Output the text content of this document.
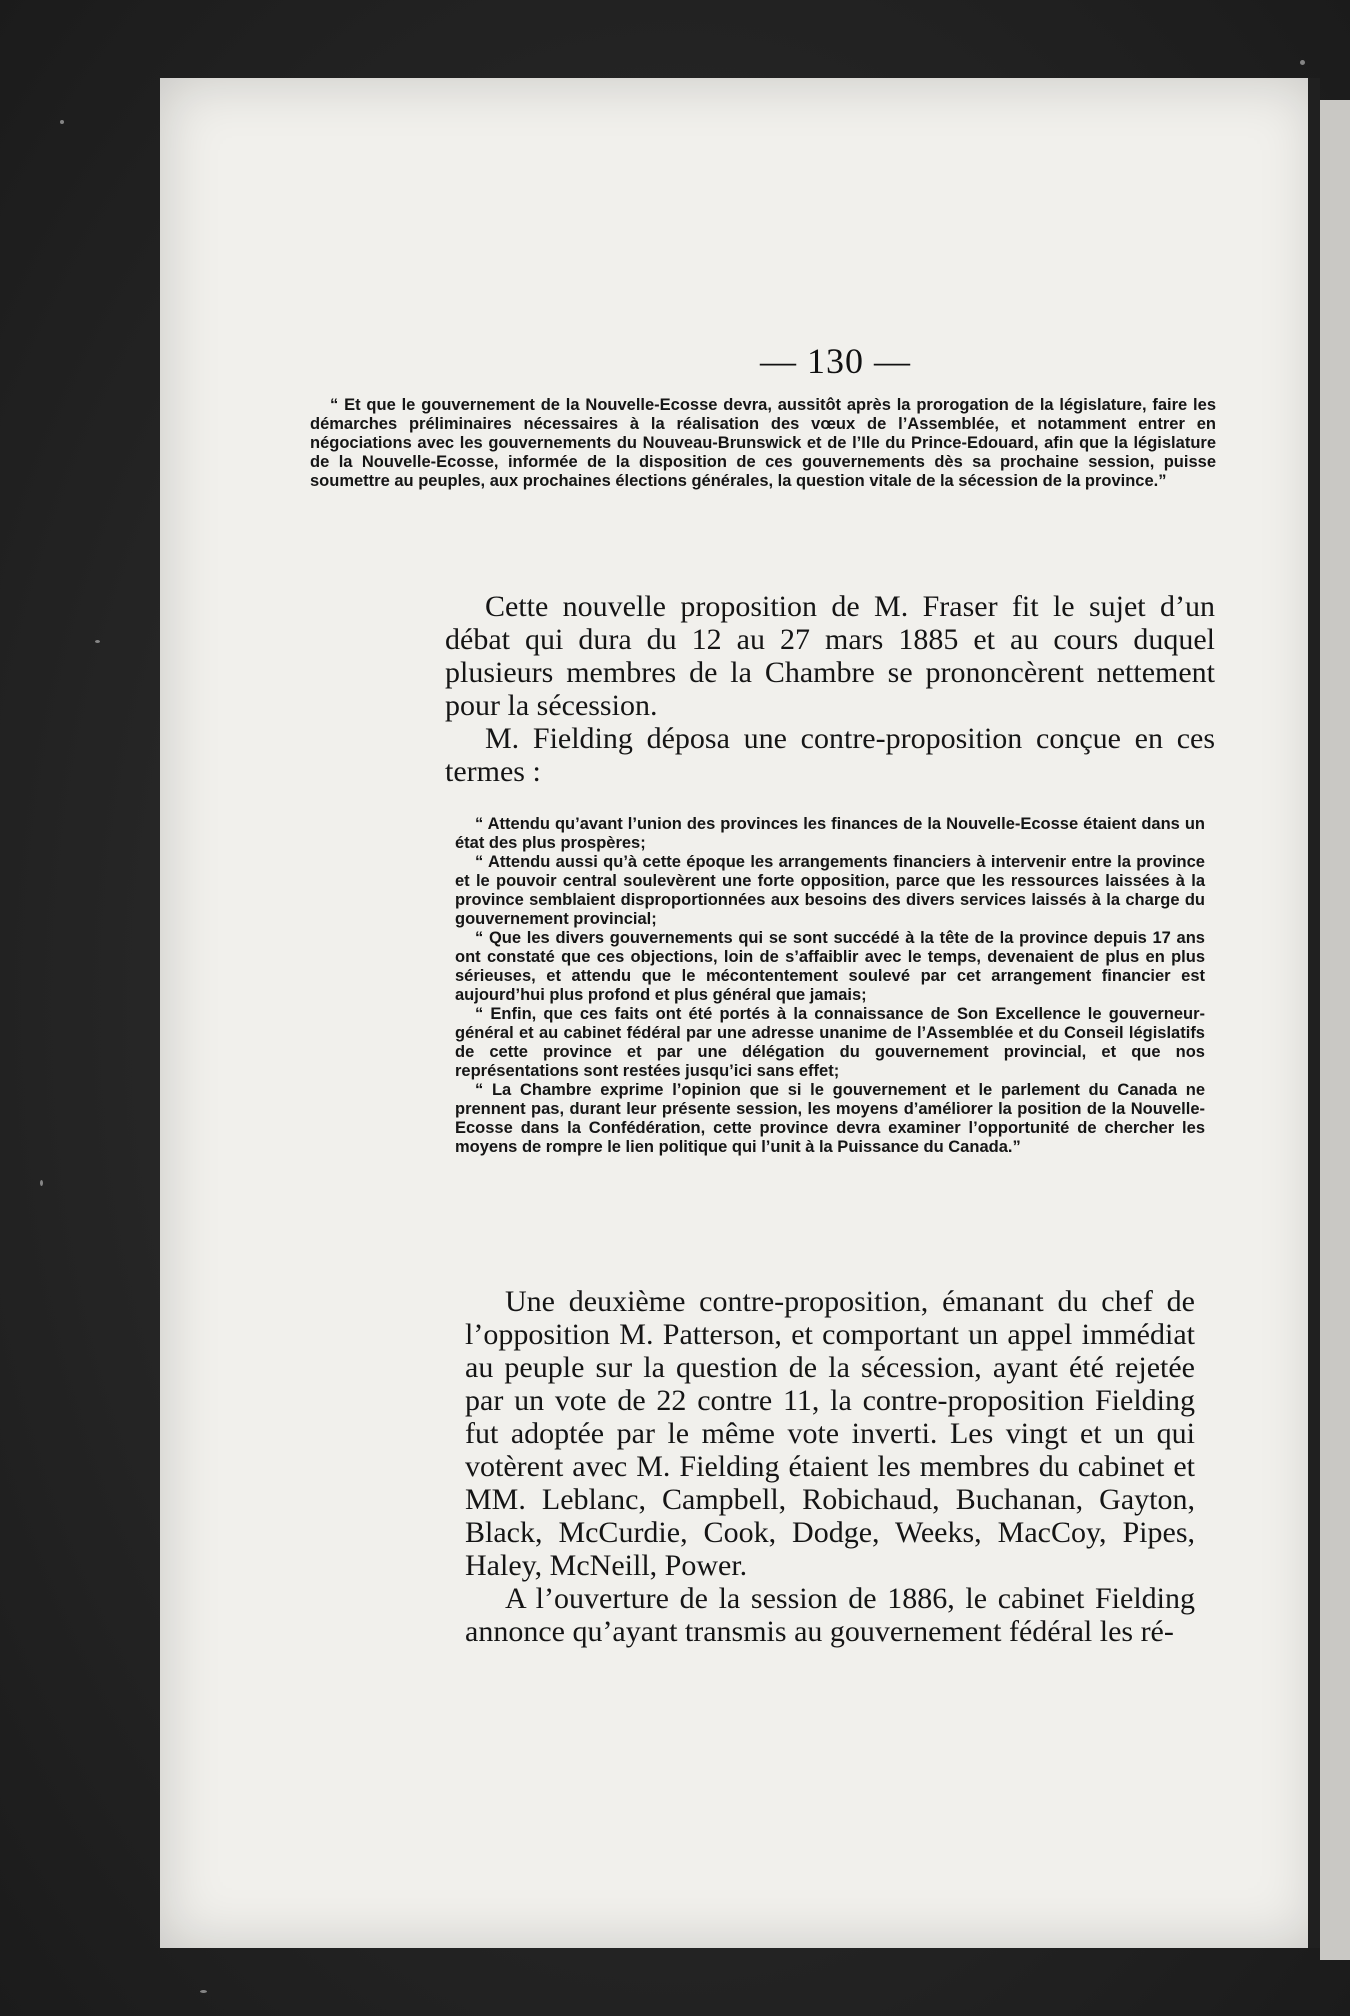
— 130 —

“ Et que le gouvernement de la Nouvelle-Ecosse devra, aussitôt après la prorogation de la législature, faire les démarches préliminaires nécessaires à la réalisation des vœux de l’Assemblée, et notamment entrer en négociations avec les gouvernements du Nouveau-Brunswick et de l’Ile du Prince-Edouard, afin que la législature de la Nouvelle-Ecosse, informée de la disposition de ces gouvernements dès sa prochaine session, puisse soumettre au peuples, aux prochaines élections générales, la question vitale de la sécession de la province.”

Cette nouvelle proposition de M. Fraser fit le sujet d’un débat qui dura du 12 au 27 mars 1885 et au cours duquel plusieurs membres de la Chambre se prononcèrent nettement pour la sécession.

M. Fielding déposa une contre-proposition conçue en ces termes :

“ Attendu qu’avant l’union des provinces les finances de la Nouvelle-Ecosse étaient dans un état des plus prospères;

“ Attendu aussi qu’à cette époque les arrangements financiers à intervenir entre la province et le pouvoir central soulevèrent une forte opposition, parce que les ressources laissées à la province semblaient disproportionnées aux besoins des divers services laissés à la charge du gouvernement provincial;

“ Que les divers gouvernements qui se sont succédé à la tête de la province depuis 17 ans ont constaté que ces objections, loin de s’affaiblir avec le temps, devenaient de plus en plus sérieuses, et attendu que le mécontentement soulevé par cet arrangement financier est aujourd’hui plus profond et plus général que jamais;

“ Enfin, que ces faits ont été portés à la connaissance de Son Excellence le gouverneur-général et au cabinet fédéral par une adresse unanime de l’Assemblée et du Conseil législatifs de cette province et par une délégation du gouvernement provincial, et que nos représentations sont restées jusqu’ici sans effet;

“ La Chambre exprime l’opinion que si le gouvernement et le parlement du Canada ne prennent pas, durant leur présente session, les moyens d’améliorer la position de la Nouvelle-Ecosse dans la Confédération, cette province devra examiner l’opportunité de chercher les moyens de rompre le lien politique qui l’unit à la Puissance du Canada.”

Une deuxième contre-proposition, émanant du chef de l’opposition M. Patterson, et comportant un appel immédiat au peuple sur la question de la sécession, ayant été rejetée par un vote de 22 contre 11, la contre-proposition Fielding fut adoptée par le même vote inverti. Les vingt et un qui votèrent avec M. Fielding étaient les membres du cabinet et MM. Leblanc, Campbell, Robichaud, Buchanan, Gayton, Black, McCurdie, Cook, Dodge, Weeks, MacCoy, Pipes, Haley, McNeill, Power.

A l’ouverture de la session de 1886, le cabinet Fielding annonce qu’ayant transmis au gouvernement fédéral les ré-
